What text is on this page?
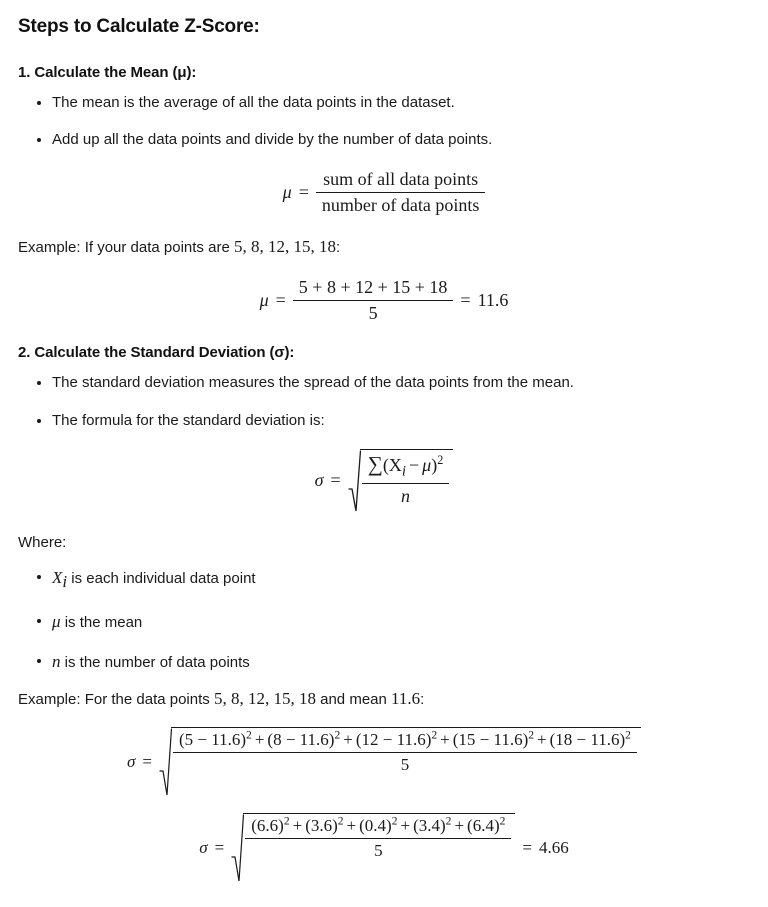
Steps to Calculate Z-Score:
1. Calculate the Mean (μ):
The mean is the average of all the data points in the dataset.
Add up all the data points and divide by the number of data points.
$\mu = \frac{\text{sum of all data points}}{\text{number of data points}}$

Example: If your data points are 5, 8, 12, 15, 18:

$\mu = \frac{5 + 8 + 12 + 15 + 18}{5} = 11.6$
2. Calculate the Standard Deviation (σ):
The standard deviation measures the spread of the data points from the mean.
The formula for the standard deviation is:
$\sigma = \frac{\sum(X_i - \mu)^2}{n}$

Where:

$X_i$ is each individual data point
μ is the mean
n is the number of data points

Example: For the data points 5, 8, 12, 15, 18 and mean 11.6:

σ =
$(5 - 11.6)^2 + (8 - 11.6)^2 + (12 - 11.6)^2 + (15 - 11.6)^2 + (18 - 11.6)^2$
5
$\sigma = \frac{(6.6)^2 + (3.6)^2 + (0.4)^2 + (3.4)^2 + (6.4)^2}{5} = 4.66$
